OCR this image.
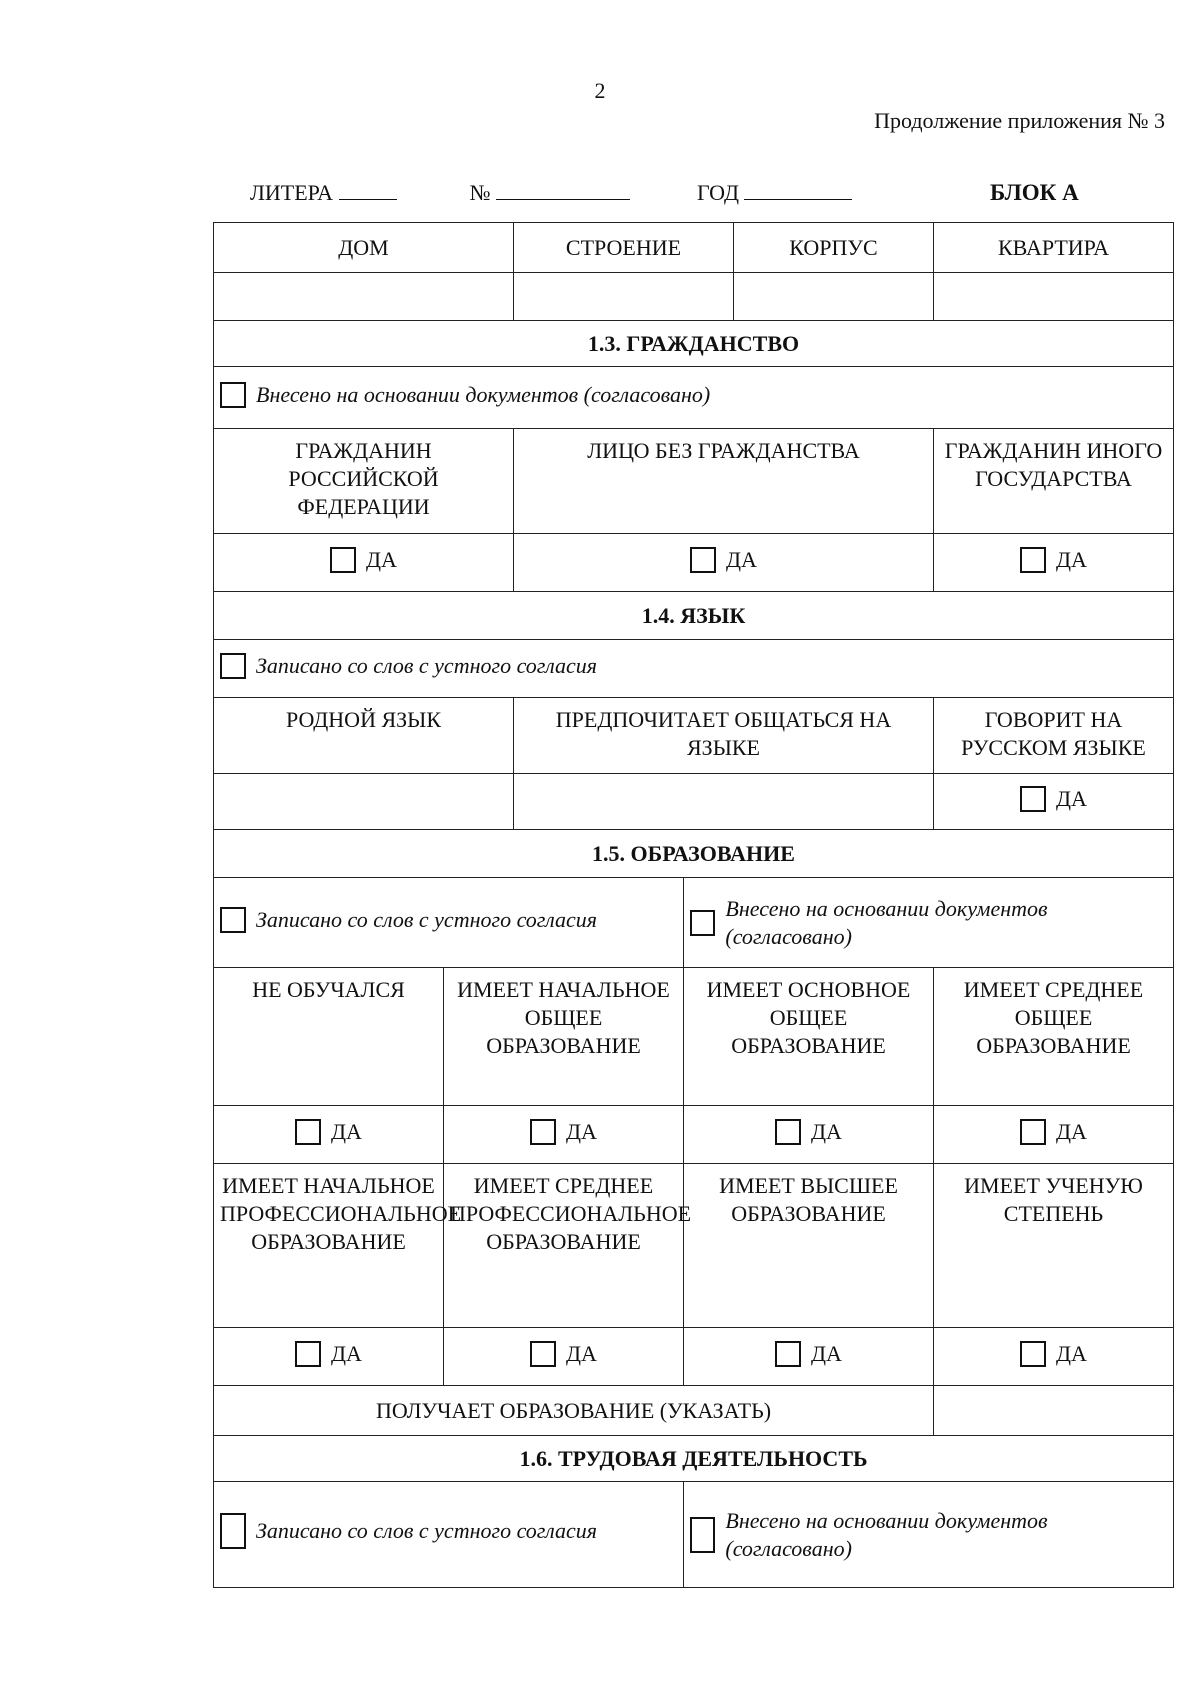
2
Продолжение приложения № 3
ЛИТЕРА	№	ГОД	БЛОК А
ДОМ		СТРОЕНИЕ		КОРПУС	КВАРТИРА

1.3. ГРАЖДАНСТВО					

Внесено на основании документов (согласовано)					

ГРАЖДАНИН РОССИЙСКОЙ ФЕДЕРАЦИИ		ЛИЦО БЕЗ ГРАЖДАНСТВА			ГРАЖДАНИН ИНОГО ГОСУДАРСТВА

ДА		ДА			ДА

1.4. ЯЗЫК					

Записано со слов с устного согласия					

РОДНОЙ ЯЗЫК		ПРЕДПОЧИТАЕТ ОБЩАТЬСЯ НА ЯЗЫКЕ			ГОВОРИТ НА РУССКОМ ЯЗЫКЕ

					ДА

1.5. ОБРАЗОВАНИЕ					

Записано со слов с устного согласия			Внесено на основании документов (согласовано)		

НЕ ОБУЧАЛСЯ	ИМЕЕТ НАЧАЛЬНОЕ ОБЩЕЕ ОБРАЗОВАНИЕ		ИМЕЕТ ОСНОВНОЕ ОБЩЕЕ ОБРАЗОВАНИЕ		ИМЕЕТ СРЕДНЕЕ ОБЩЕЕ ОБРАЗОВАНИЕ

ДА	ДА		ДА		ДА

ИМЕЕТ НАЧАЛЬНОЕ ПРОФЕССИОНАЛЬНОЕ ОБРАЗОВАНИЕ	ИМЕЕТ СРЕДНЕЕ ПРОФЕССИОНАЛЬНОЕ ОБРАЗОВАНИЕ		ИМЕЕТ ВЫСШЕЕ ОБРАЗОВАНИЕ		ИМЕЕТ УЧЕНУЮ СТЕПЕНЬ

ДА	ДА		ДА		ДА

ПОЛУЧАЕТ ОБРАЗОВАНИЕ (УКАЗАТЬ)					
1.6. ТРУДОВАЯ ДЕЯТЕЛЬНОСТЬ					

Записано со слов с устного согласия			Внесено на основании документов (согласовано)		
